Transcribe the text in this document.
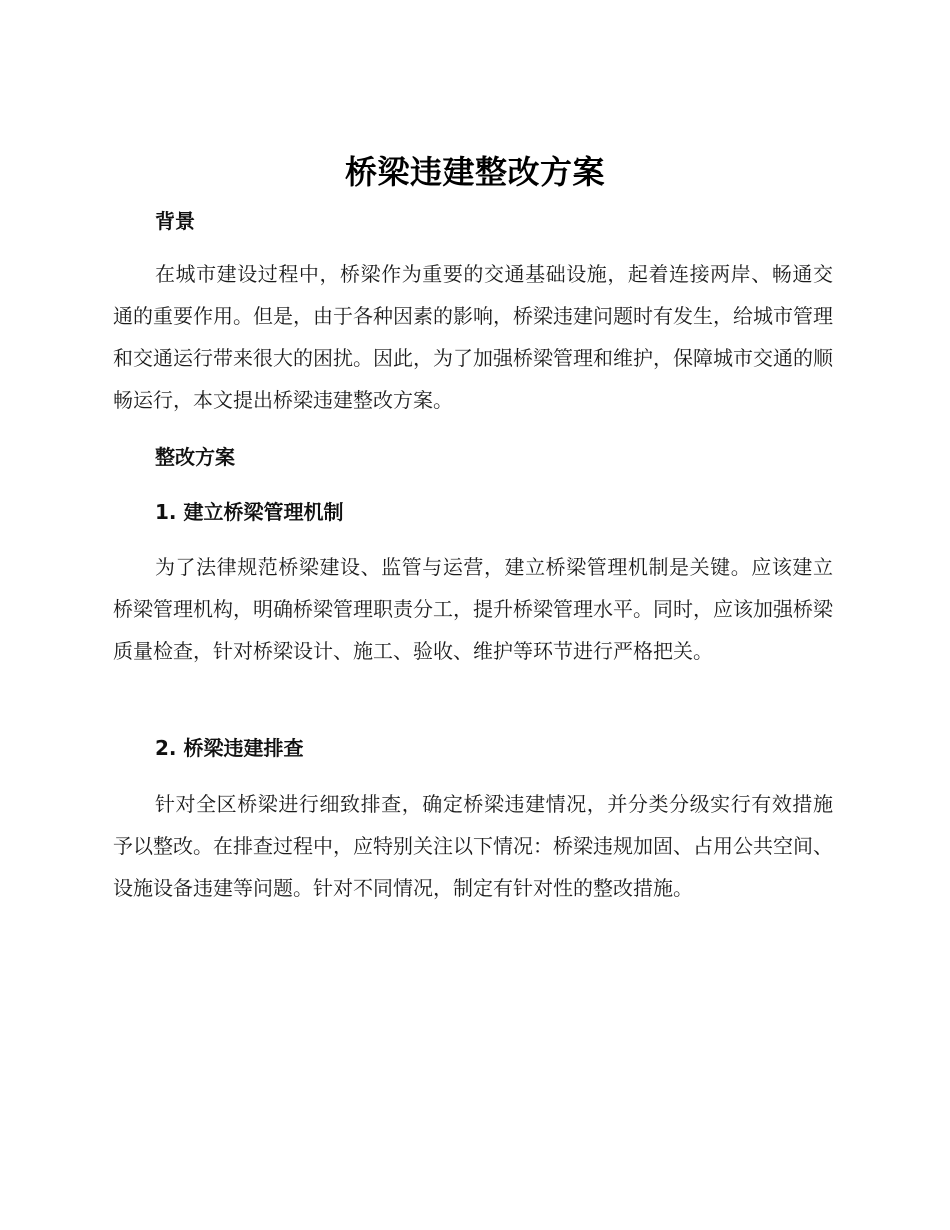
桥梁违建整改方案
背景

在城市建设过程中，桥梁作为重要的交通基础设施，起着连接两岸、畅通交通的重要作用。但是，由于各种因素的影响，桥梁违建问题时有发生，给城市管理和交通运行带来很大的困扰。因此，为了加强桥梁管理和维护，保障城市交通的顺畅运行，本文提出桥梁违建整改方案。

整改方案
1. 建立桥梁管理机制

为了法律规范桥梁建设、监管与运营，建立桥梁管理机制是关键。应该建立桥梁管理机构，明确桥梁管理职责分工，提升桥梁管理水平。同时，应该加强桥梁质量检查，针对桥梁设计、施工、验收、维护等环节进行严格把关。

2. 桥梁违建排查

针对全区桥梁进行细致排查，确定桥梁违建情况，并分类分级实行有效措施予以整改。在排查过程中，应特别关注以下情况：桥梁违规加固、占用公共空间、设施设备违建等问题。针对不同情况，制定有针对性的整改措施。
